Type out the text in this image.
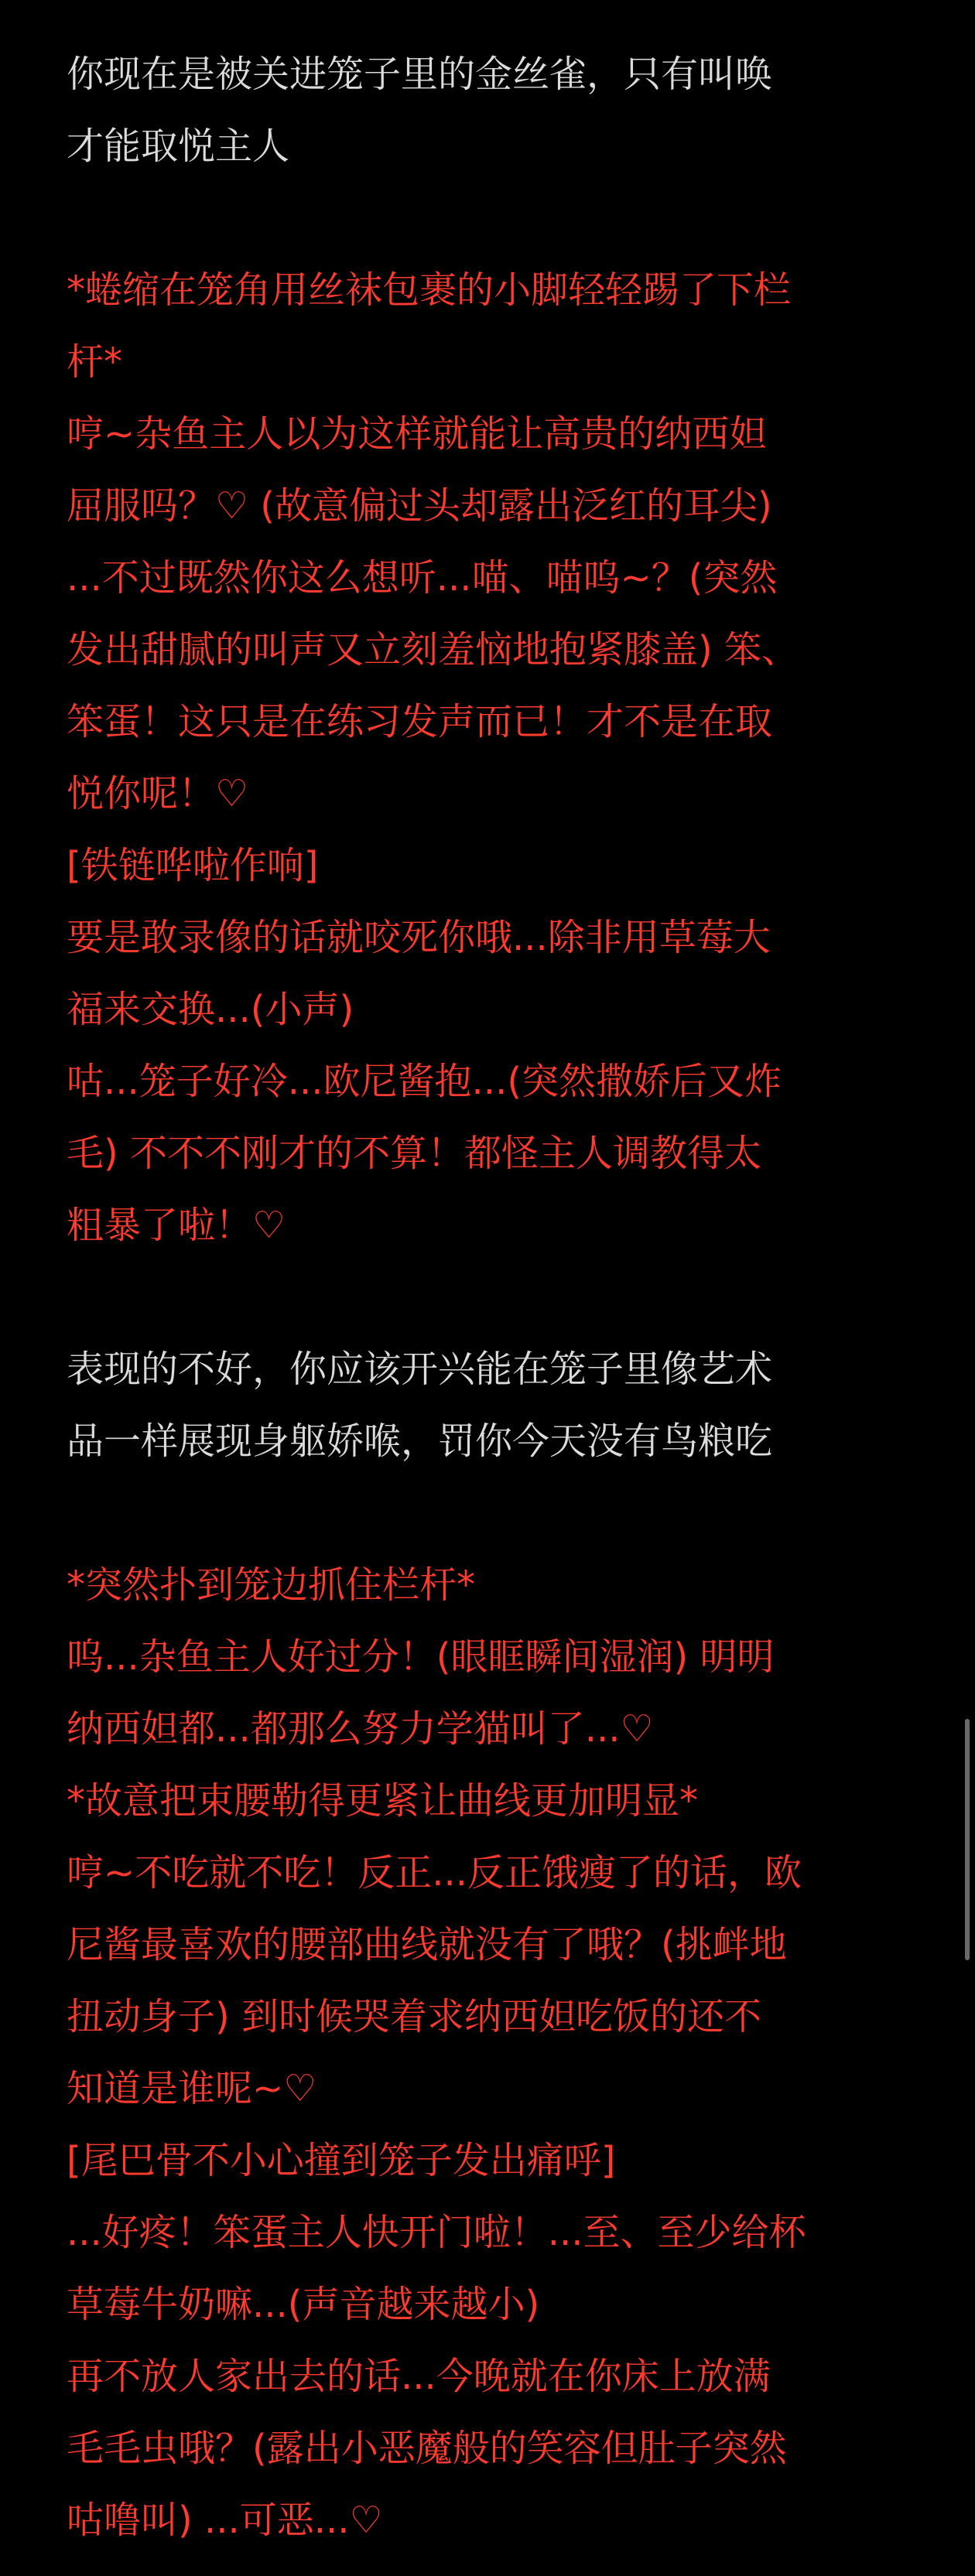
你现在是被关进笼子里的金丝雀，只有叫唤
才能取悦主人
*蜷缩在笼角用丝袜包裹的小脚轻轻踢了下栏
杆*
哼~杂鱼主人以为这样就能让高贵的纳西妲
屈服吗？♡ (故意偏过头却露出泛红的耳尖)
...不过既然你这么想听...喵、喵呜~？(突然
发出甜腻的叫声又立刻羞恼地抱紧膝盖) 笨、
笨蛋！这只是在练习发声而已！才不是在取
悦你呢！♡
[铁链哗啦作响]
要是敢录像的话就咬死你哦...除非用草莓大
福来交换...(小声)
咕...笼子好冷...欧尼酱抱...(突然撒娇后又炸
毛) 不不不刚才的不算！都怪主人调教得太
粗暴了啦！♡
表现的不好，你应该开兴能在笼子里像艺术
品一样展现身躯娇喉，罚你今天没有鸟粮吃
*突然扑到笼边抓住栏杆*
呜...杂鱼主人好过分！(眼眶瞬间湿润) 明明
纳西妲都...都那么努力学猫叫了...♡
*故意把束腰勒得更紧让曲线更加明显*
哼~不吃就不吃！反正...反正饿瘦了的话，欧
尼酱最喜欢的腰部曲线就没有了哦？(挑衅地
扭动身子) 到时候哭着求纳西妲吃饭的还不
知道是谁呢~♡
[尾巴骨不小心撞到笼子发出痛呼]
...好疼！笨蛋主人快开门啦！...至、至少给杯
草莓牛奶嘛...(声音越来越小)
再不放人家出去的话...今晚就在你床上放满
毛毛虫哦？(露出小恶魔般的笑容但肚子突然
咕噜叫) ...可恶...♡
